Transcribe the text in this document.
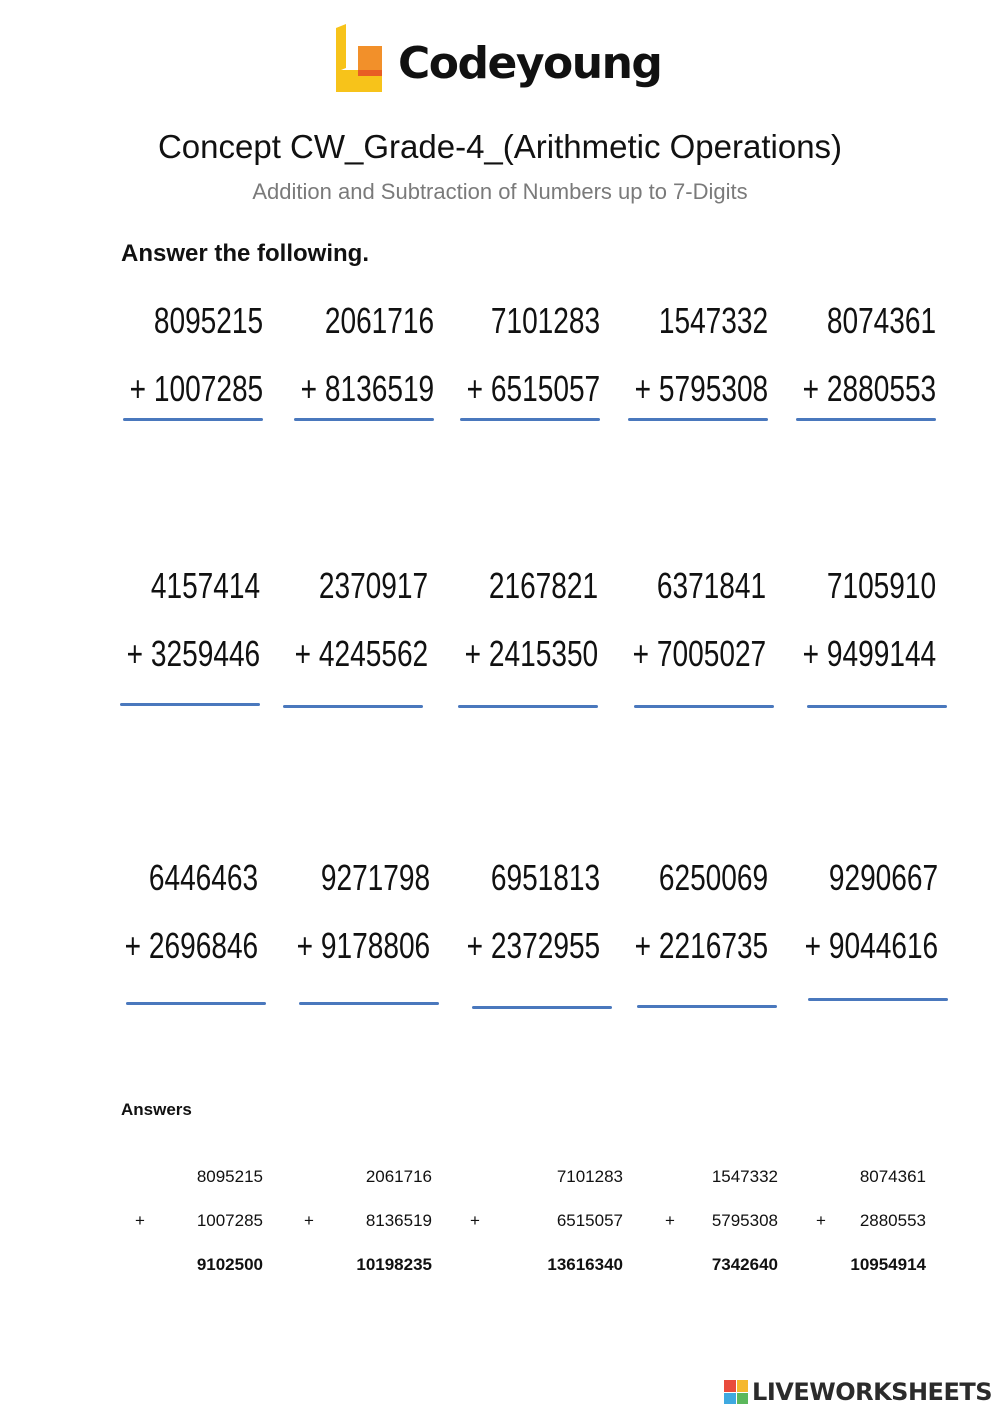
Codeyoung
Concept CW_Grade-4_(Arithmetic Operations)
Addition and Subtraction of Numbers up to 7-Digits
Answer the following.
8095215
+ 1007285
2061716
+ 8136519
7101283
+ 6515057
1547332
+ 5795308
8074361
+ 2880553
4157414
+ 3259446
2370917
+ 4245562
2167821
+ 2415350
6371841
+ 7005027
7105910
+ 9499144
6446463
+ 2696846
9271798
+ 9178806
6951813
+ 2372955
6250069
+ 2216735
9290667
+ 9044616
Answers
8095215
+	1007285
9102500
2061716
+	8136519
10198235
7101283
+	6515057
13616340
1547332
+	5795308
7342640
8074361
+	2880553
10954914
LIVEWORKSHEETS
